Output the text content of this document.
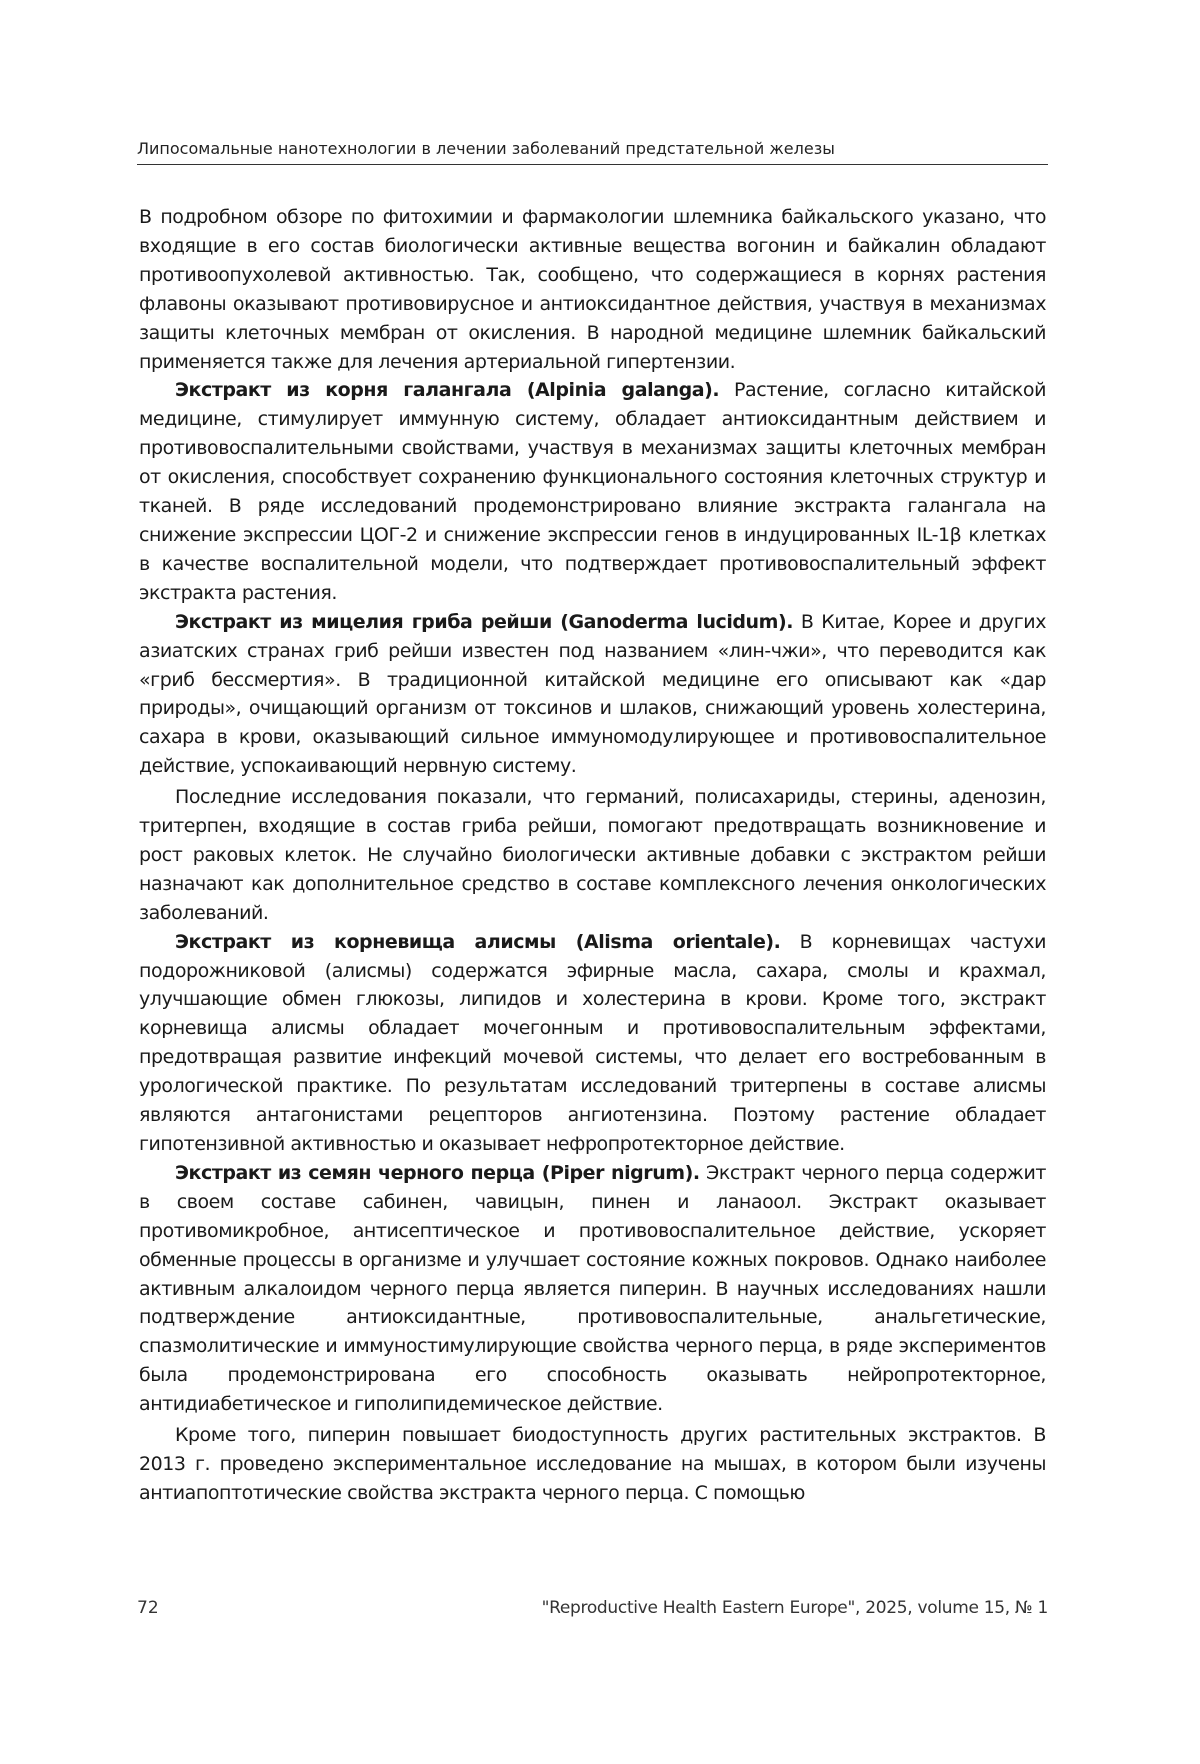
Липосомальные нанотехнологии в лечении заболеваний предстательной железы

В подробном обзоре по фитохимии и фармакологии шлемника байкальского указано, что входящие в его состав биологически активные вещества вогонин и байкалин обладают противоопухолевой активностью. Так, сообщено, что содержащиеся в корнях растения флавоны оказывают противовирусное и антиоксидантное действия, участвуя в механизмах защиты клеточных мембран от окисления. В народной медицине шлемник байкальский применяется также для лечения артериальной гипертензии.

Экстракт из корня галангала (Alpinia galanga). Растение, согласно китайской медицине, стимулирует иммунную систему, обладает антиоксидантным действием и противовоспалительными свойствами, участвуя в механизмах защиты клеточных мембран от окисления, способствует сохранению функционального состояния клеточных структур и тканей. В ряде исследований продемонстрировано влияние экстракта галангала на снижение экспрессии ЦОГ-2 и снижение экспрессии генов в индуцированных IL-1β клетках в качестве воспалительной модели, что подтверждает противовоспалительный эффект экстракта растения.

Экстракт из мицелия гриба рейши (Ganoderma lucidum). В Китае, Корее и других азиатских странах гриб рейши известен под названием «лин-чжи», что переводится как «гриб бессмертия». В традиционной китайской медицине его описывают как «дар природы», очищающий организм от токсинов и шлаков, снижающий уровень холестерина, сахара в крови, оказывающий сильное иммуномодулирующее и противовоспалительное действие, успокаивающий нервную систему.

Последние исследования показали, что германий, полисахариды, стерины, аденозин, тритерпен, входящие в состав гриба рейши, помогают предотвращать возникновение и рост раковых клеток. Не случайно биологически активные добавки с экстрактом рейши назначают как дополнительное средство в составе комплексного лечения онкологических заболеваний.

Экстракт из корневища алисмы (Alisma orientale). В корневищах частухи подорожниковой (алисмы) содержатся эфирные масла, сахара, смолы и крахмал, улучшающие обмен глюкозы, липидов и холестерина в крови. Кроме того, экстракт корневища алисмы обладает мочегонным и противовоспалительным эффектами, предотвращая развитие инфекций мочевой системы, что делает его востребованным в урологической практике. По результатам исследований тритерпены в составе алисмы являются антагонистами рецепторов ангиотензина. Поэтому растение обладает гипотензивной активностью и оказывает нефропротекторное действие.

Экстракт из семян черного перца (Piper nigrum). Экстракт черного перца содержит в своем составе сабинен, чавицын, пинен и ланаоол. Экстракт оказывает противомикробное, антисептическое и противовоспалительное действие, ускоряет обменные процессы в организме и улучшает состояние кожных покровов. Однако наиболее активным алкалоидом черного перца является пиперин. В научных исследованиях нашли подтверждение антиоксидантные, противовоспалительные, анальгетические, спазмолитические и иммуностимулирующие свойства черного перца, в ряде экспериментов была продемонстрирована его способность оказывать нейропротекторное, антидиабетическое и гиполипидемическое действие.

Кроме того, пиперин повышает биодоступность других растительных экстрактов. В 2013 г. проведено экспериментальное исследование на мышах, в котором были изучены антиапоптотические свойства экстракта черного перца. С помощью

72	"Reproductive Health Eastern Europe", 2025, volume 15, № 1
